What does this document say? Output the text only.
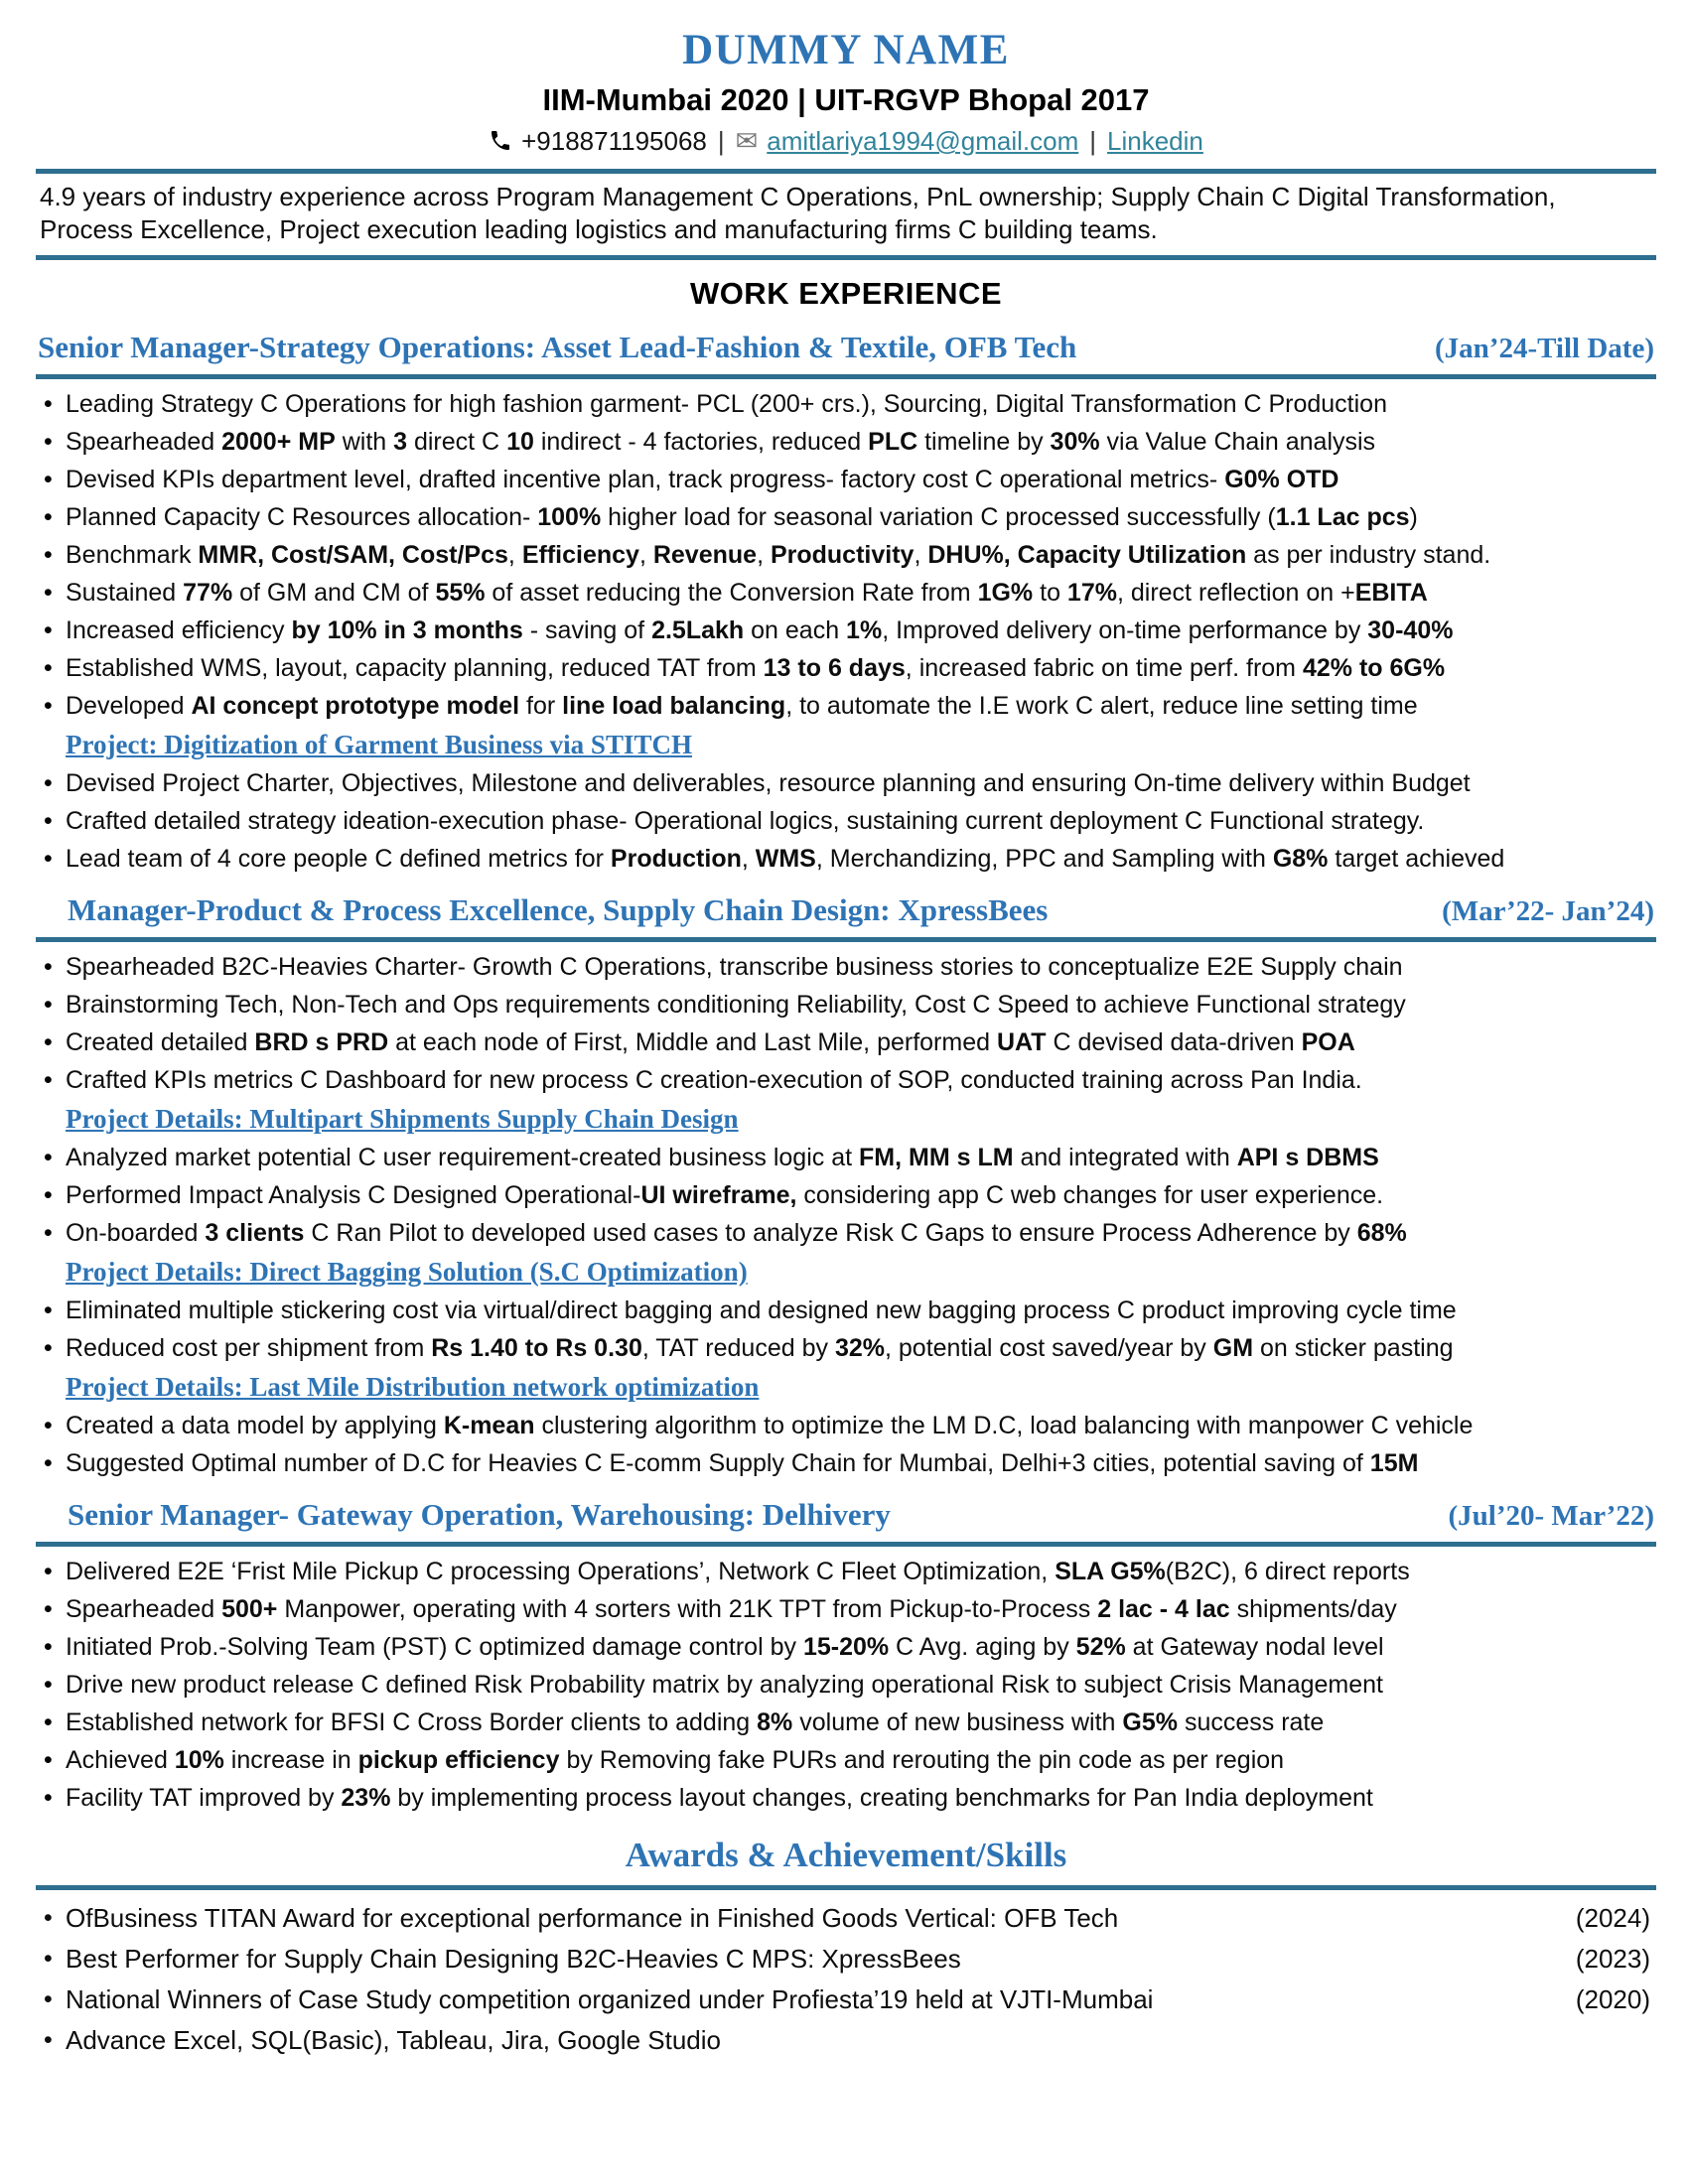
DUMMY NAME
IIM-Mumbai 2020 | UIT-RGVP Bhopal 2017
+918871195068 | ✉ amitlariya1994@gmail.com | Linkedin
4.9 years of industry experience across Program Management C Operations, PnL ownership; Supply Chain C Digital Transformation, Process Excellence, Project execution leading logistics and manufacturing firms C building teams.
WORK EXPERIENCE
Senior Manager-Strategy Operations: Asset Lead-Fashion & Textile, OFB Tech	(Jan’24-Till Date)
• Leading Strategy C Operations for high fashion garment- PCL (200+ crs.), Sourcing, Digital Transformation C Production
• Spearheaded 2000+ MP with 3 direct C 10 indirect - 4 factories, reduced PLC timeline by 30% via Value Chain analysis
• Devised KPIs department level, drafted incentive plan, track progress- factory cost C operational metrics- G0% OTD
• Planned Capacity C Resources allocation- 100% higher load for seasonal variation C processed successfully (1.1 Lac pcs)
• Benchmark MMR, Cost/SAM, Cost/Pcs, Efficiency, Revenue, Productivity, DHU%, Capacity Utilization as per industry stand.
• Sustained 77% of GM and CM of 55% of asset reducing the Conversion Rate from 1G% to 17%, direct reflection on +EBITA
• Increased efficiency by 10% in 3 months - saving of 2.5Lakh on each 1%, Improved delivery on-time performance by 30-40%
• Established WMS, layout, capacity planning, reduced TAT from 13 to 6 days, increased fabric on time perf. from 42% to 6G%
• Developed AI concept prototype model for line load balancing, to automate the I.E work C alert, reduce line setting time
Project: Digitization of Garment Business via STITCH
• Devised Project Charter, Objectives, Milestone and deliverables, resource planning and ensuring On-time delivery within Budget
• Crafted detailed strategy ideation-execution phase- Operational logics, sustaining current deployment C Functional strategy.
• Lead team of 4 core people C defined metrics for Production, WMS, Merchandizing, PPC and Sampling with G8% target achieved
Manager-Product & Process Excellence, Supply Chain Design: XpressBees	(Mar’22- Jan’24)
• Spearheaded B2C-Heavies Charter- Growth C Operations, transcribe business stories to conceptualize E2E Supply chain
• Brainstorming Tech, Non-Tech and Ops requirements conditioning Reliability, Cost C Speed to achieve Functional strategy
• Created detailed BRD s PRD at each node of First, Middle and Last Mile, performed UAT C devised data-driven POA
• Crafted KPIs metrics C Dashboard for new process C creation-execution of SOP, conducted training across Pan India.
Project Details: Multipart Shipments Supply Chain Design
• Analyzed market potential C user requirement-created business logic at FM, MM s LM and integrated with API s DBMS
• Performed Impact Analysis C Designed Operational-UI wireframe, considering app C web changes for user experience.
• On-boarded 3 clients C Ran Pilot to developed used cases to analyze Risk C Gaps to ensure Process Adherence by 68%
Project Details: Direct Bagging Solution (S.C Optimization)
• Eliminated multiple stickering cost via virtual/direct bagging and designed new bagging process C product improving cycle time
• Reduced cost per shipment from Rs 1.40 to Rs 0.30, TAT reduced by 32%, potential cost saved/year by GM on sticker pasting
Project Details: Last Mile Distribution network optimization
• Created a data model by applying K-mean clustering algorithm to optimize the LM D.C, load balancing with manpower C vehicle
• Suggested Optimal number of D.C for Heavies C E-comm Supply Chain for Mumbai, Delhi+3 cities, potential saving of 15M
Senior Manager- Gateway Operation, Warehousing: Delhivery	(Jul’20- Mar’22)
• Delivered E2E ‘Frist Mile Pickup C processing Operations’, Network C Fleet Optimization, SLA G5%(B2C), 6 direct reports
• Spearheaded 500+ Manpower, operating with 4 sorters with 21K TPT from Pickup-to-Process 2 lac - 4 lac shipments/day
• Initiated Prob.-Solving Team (PST) C optimized damage control by 15-20% C Avg. aging by 52% at Gateway nodal level
• Drive new product release C defined Risk Probability matrix by analyzing operational Risk to subject Crisis Management
• Established network for BFSI C Cross Border clients to adding 8% volume of new business with G5% success rate
• Achieved 10% increase in pickup efficiency by Removing fake PURs and rerouting the pin code as per region
• Facility TAT improved by 23% by implementing process layout changes, creating benchmarks for Pan India deployment
Awards & Achievement/Skills
• OfBusiness TITAN Award for exceptional performance in Finished Goods Vertical: OFB Tech	(2024)
• Best Performer for Supply Chain Designing B2C-Heavies C MPS: XpressBees	(2023)
• National Winners of Case Study competition organized under Profiesta’19 held at VJTI-Mumbai	(2020)
• Advance Excel, SQL(Basic), Tableau, Jira, Google Studio
